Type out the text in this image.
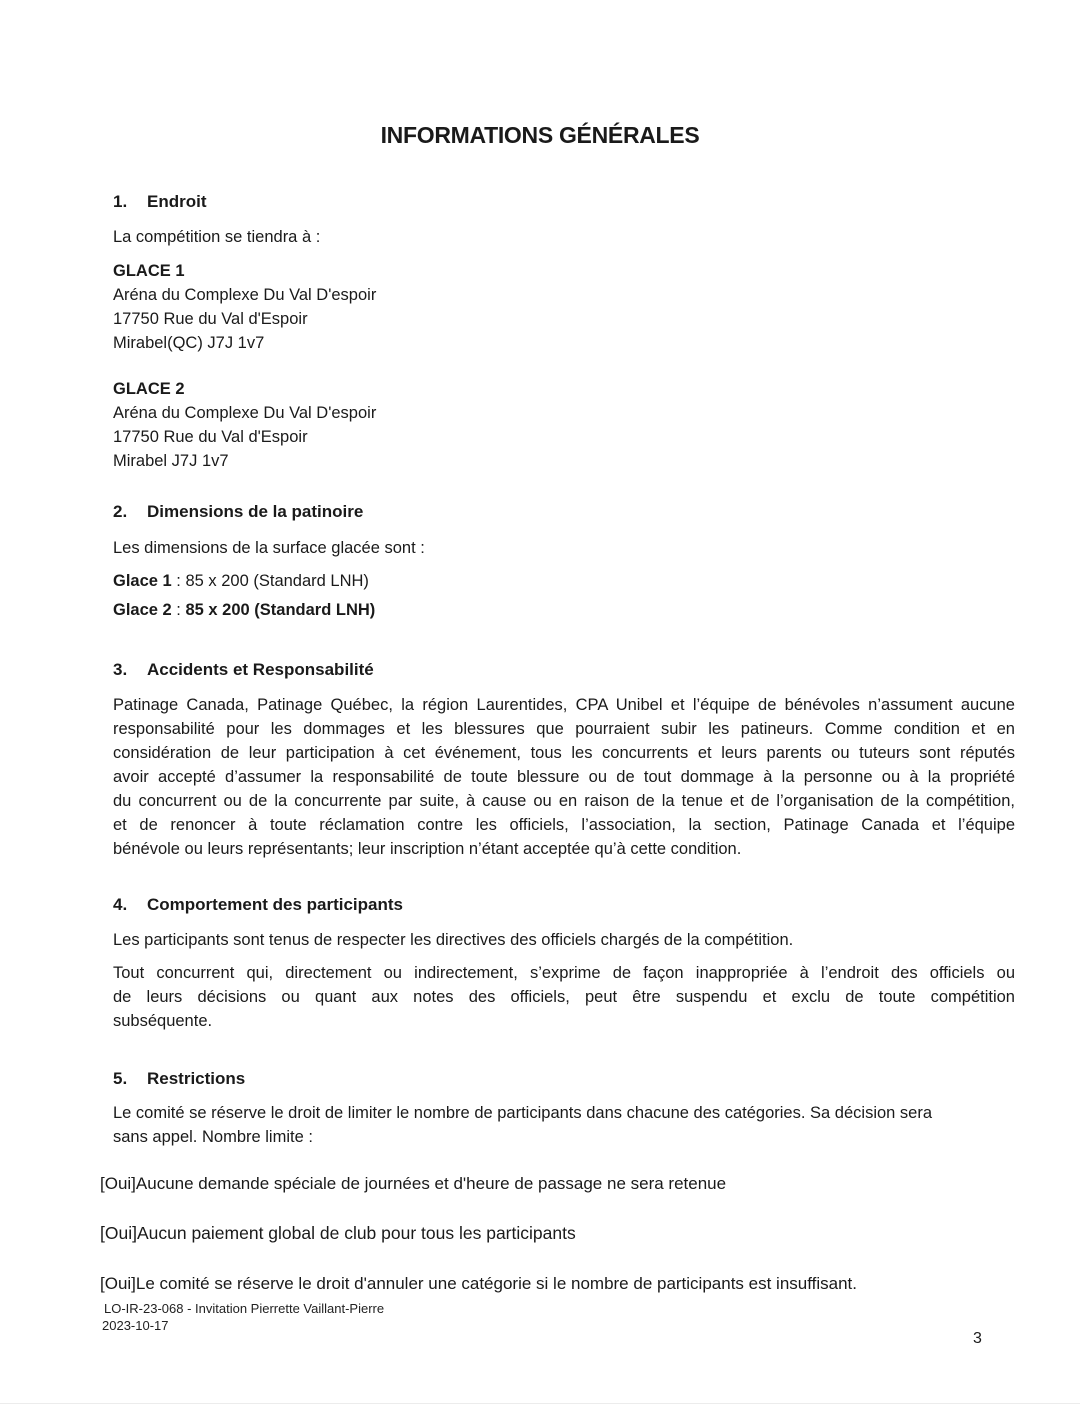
INFORMATIONS GÉNÉRALES
1. Endroit
La compétition se tiendra à :
GLACE 1
Aréna du Complexe Du Val D'espoir
17750 Rue du Val d'Espoir
Mirabel(QC) J7J 1v7
GLACE 2
Aréna du Complexe Du Val D'espoir
17750 Rue du Val d'Espoir
Mirabel J7J 1v7
2. Dimensions de la patinoire
Les dimensions de la surface glacée sont :
Glace 1 : 85 x 200 (Standard LNH)
Glace 2 : 85 x 200 (Standard LNH)
3. Accidents et Responsabilité
Patinage Canada, Patinage Québec, la région Laurentides, CPA Unibel et l’équipe de bénévoles n’assument aucune
responsabilité pour les dommages et les blessures que pourraient subir les patineurs. Comme condition et en
considération de leur participation à cet événement, tous les concurrents et leurs parents ou tuteurs sont réputés
avoir accepté d’assumer la responsabilité de toute blessure ou de tout dommage à la personne ou à la propriété
du concurrent ou de la concurrente par suite, à cause ou en raison de la tenue et de l’organisation de la compétition,
et de renoncer à toute réclamation contre les officiels, l’association, la section, Patinage Canada et l’équipe
bénévole ou leurs représentants; leur inscription n’étant acceptée qu’à cette condition.
4. Comportement des participants
Les participants sont tenus de respecter les directives des officiels chargés de la compétition.
Tout concurrent qui, directement ou indirectement, s’exprime de façon inappropriée à l’endroit des officiels ou
de leurs décisions ou quant aux notes des officiels, peut être suspendu et exclu de toute compétition
subséquente.
5. Restrictions
Le comité se réserve le droit de limiter le nombre de participants dans chacune des catégories. Sa décision sera
sans appel. Nombre limite :
[Oui]Aucune demande spéciale de journées et d'heure de passage ne sera retenue
[Oui]Aucun paiement global de club pour tous les participants
[Oui]Le comité se réserve le droit d'annuler une catégorie si le nombre de participants est insuffisant.
LO-IR-23-068 - Invitation Pierrette Vaillant-Pierre
2023-10-17
3
